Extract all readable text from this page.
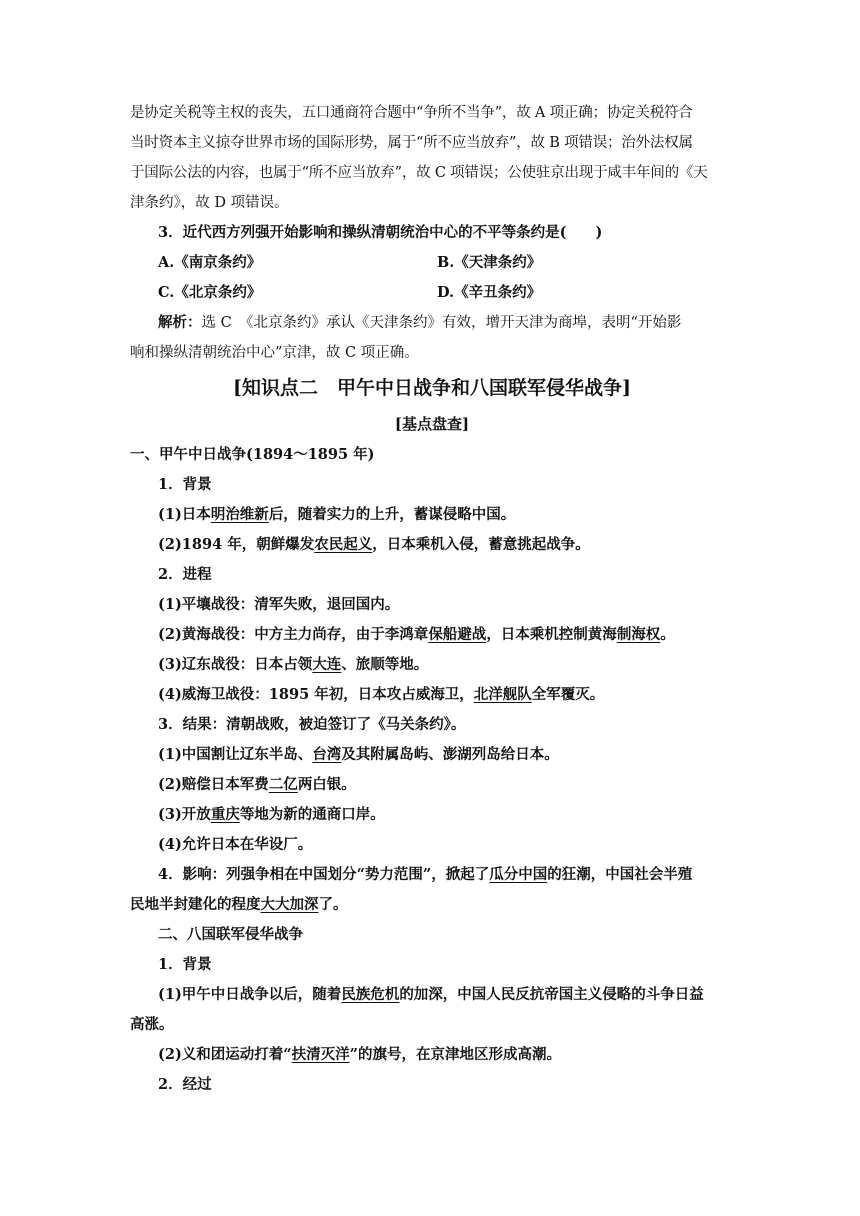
是协定关税等主权的丧失，五口通商符合题中“争所不当争”，故 A 项正确；协定关税符合
当时资本主义掠夺世界市场的国际形势，属于“所不应当放弃”，故 B 项错误；治外法权属
于国际公法的内容，也属于“所不应当放弃”，故 C 项错误；公使驻京出现于咸丰年间的《天
津条约》，故 D 项错误。
3．近代西方列强开始影响和操纵清朝统治中心的不平等条约是(　　)
A.《南京条约》	B.《天津条约》
C.《北京条约》	D.《辛丑条约》
解析：选 C　《北京条约》承认《天津条约》有效，增开天津为商埠，表明“开始影
响和操纵清朝统治中心”京津，故 C 项正确。
[知识点二　甲午中日战争和八国联军侵华战争]
[基点盘查]
一、甲午中日战争(1894～1895 年)
1．背景
(1)日本明治维新后，随着实力的上升，蓄谋侵略中国。
(2)1894 年，朝鲜爆发农民起义，日本乘机入侵，蓄意挑起战争。
2．进程
(1)平壤战役：清军失败，退回国内。
(2)黄海战役：中方主力尚存，由于李鸿章保船避战，日本乘机控制黄海制海权。
(3)辽东战役：日本占领大连、旅顺等地。
(4)威海卫战役：1895 年初，日本攻占威海卫，北洋舰队全军覆灭。
3．结果：清朝战败，被迫签订了《马关条约》。
(1)中国割让辽东半岛、台湾及其附属岛屿、澎湖列岛给日本。
(2)赔偿日本军费二亿两白银。
(3)开放重庆等地为新的通商口岸。
(4)允许日本在华设厂。
4．影响：列强争相在中国划分“势力范围”，掀起了瓜分中国的狂潮，中国社会半殖
民地半封建化的程度大大加深了。
二、八国联军侵华战争
1．背景
(1)甲午中日战争以后，随着民族危机的加深，中国人民反抗帝国主义侵略的斗争日益
高涨。
(2)义和团运动打着“扶清灭洋”的旗号，在京津地区形成高潮。
2．经过
